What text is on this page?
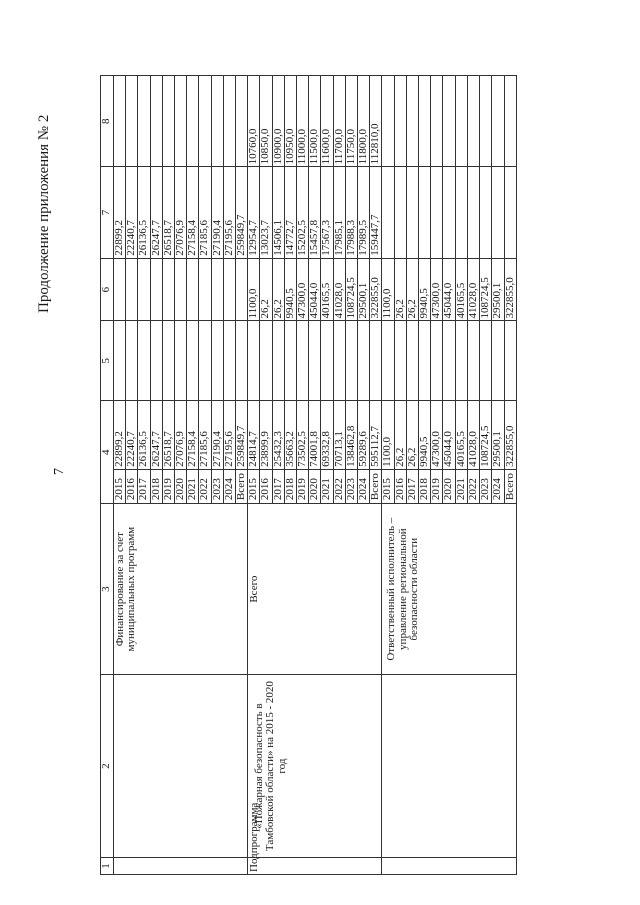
7
Продолжение приложения № 2
1	2	3	4		5	6	7	8
		Финансирование за счет муниципальных программ	2015	22899,2			22899,2	
			2016	22240,7			22240,7	
			2017	26136,5			26136,5	
			2018	26247,7			26247,7	
			2019	26518,7			26518,7	
			2020	27076,9			27076,9	
			2021	27158,4			27158,4	
			2022	27185,6			27185,6	
			2023	27190,4			27190,4	
			2024	27195,6			27195,6	
			Всего	259849,7			259849,7	
Подпрограмма	«Пожарная безопасность в Тамбовской области» на 2015 - 2020 год	Всего	2015	24814,7		1100,0	12954,7	10760,0
			2016	23899,9		26,2	13023,7	10850,0
			2017	25432,3		26,2	14506,1	10900,0
			2018	35663,2		9940,5	14772,7	10950,0
			2019	73502,5		47300,0	15202,5	11000,0
			2020	74001,8		45044,0	15457,8	11500,0
			2021	69332,8		40165,5	17567,3	11600,0
			2022	70713,1		41028,0	17985,1	11700,0
			2023	138462,8		108724,5	17988,3	11750,0
			2024	59289,6		29500,1	17989,5	11800,0
			Всего	595112,7		322855,0	159447,7	112810,0
		Ответственный исполнитель – управление региональной безопасности области	2015	1100,0		1100,0		
			2016	26,2		26,2		
			2017	26,2		26,2		
			2018	9940,5		9940,5		
			2019	47300,0		47300,0		
			2020	45044,0		45044,0		
			2021	40165,5		40165,5		
			2022	41028,0		41028,0		
			2023	108724,5		108724,5		
			2024	29500,1		29500,1		
			Всего	322855,0		322855,0		
